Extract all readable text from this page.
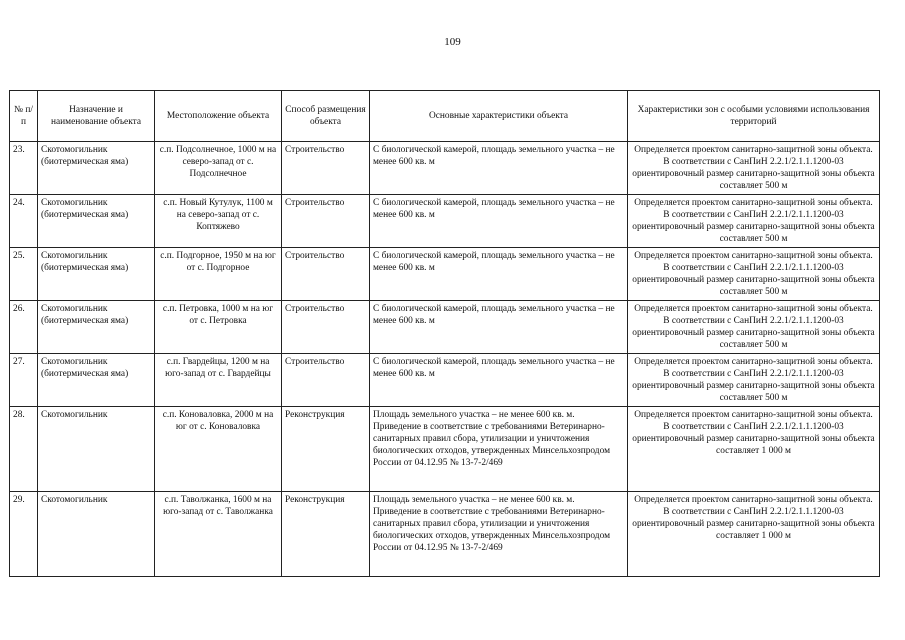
109
№ п/п	Назначение и наименование объекта	Местоположение объекта	Способ размещения объекта	Основные характеристики объекта	Характеристики зон с особыми условиями использования территорий
23.	Скотомогильник (биотермическая яма)	с.п. Подсолнечное, 1000 м на северо-запад от с. Подсолнечное	Строительство	С биологической камерой, площадь земельного участка – не менее 600 кв. м	Определяется проектом санитарно-защитной зоны объекта. В соответствии с СанПиН 2.2.1/2.1.1.1200-03 ориентировочный размер санитарно-защитной зоны объекта составляет 500 м
24.	Скотомогильник (биотермическая яма)	с.п. Новый Кутулук, 1100 м на северо-запад от с. Коптяжево	Строительство	С биологической камерой, площадь земельного участка – не менее 600 кв. м	Определяется проектом санитарно-защитной зоны объекта. В соответствии с СанПиН 2.2.1/2.1.1.1200-03 ориентировочный размер санитарно-защитной зоны объекта составляет 500 м
25.	Скотомогильник (биотермическая яма)	с.п. Подгорное, 1950 м на юг от с. Подгорное	Строительство	С биологической камерой, площадь земельного участка – не менее 600 кв. м	Определяется проектом санитарно-защитной зоны объекта. В соответствии с СанПиН 2.2.1/2.1.1.1200-03 ориентировочный размер санитарно-защитной зоны объекта составляет 500 м
26.	Скотомогильник (биотермическая яма)	с.п. Петровка, 1000 м на юг от с. Петровка	Строительство	С биологической камерой, площадь земельного участка – не менее 600 кв. м	Определяется проектом санитарно-защитной зоны объекта. В соответствии с СанПиН 2.2.1/2.1.1.1200-03 ориентировочный размер санитарно-защитной зоны объекта составляет 500 м
27.	Скотомогильник (биотермическая яма)	с.п. Гвардейцы, 1200 м на юго-запад от с. Гвардейцы	Строительство	С биологической камерой, площадь земельного участка – не менее 600 кв. м	Определяется проектом санитарно-защитной зоны объекта. В соответствии с СанПиН 2.2.1/2.1.1.1200-03 ориентировочный размер санитарно-защитной зоны объекта составляет 500 м
28.	Скотомогильник	с.п. Коноваловка, 2000 м на юг от с. Коноваловка	Реконструкция	Площадь земельного участка – не менее 600 кв. м. Приведение в соответствие с требованиями Ветеринарно-санитарных правил сбора, утилизации и уничтожения биологических отходов, утвержденных Минсельхозпродом России от 04.12.95 № 13-7-2/469	Определяется проектом санитарно-защитной зоны объекта. В соответствии с СанПиН 2.2.1/2.1.1.1200-03 ориентировочный размер санитарно-защитной зоны объекта составляет 1 000 м
29.	Скотомогильник	с.п. Таволжанка, 1600 м на юго-запад от с. Таволжанка	Реконструкция	Площадь земельного участка – не менее 600 кв. м. Приведение в соответствие с требованиями Ветеринарно-санитарных правил сбора, утилизации и уничтожения биологических отходов, утвержденных Минсельхозпродом России от 04.12.95 № 13-7-2/469	Определяется проектом санитарно-защитной зоны объекта. В соответствии с СанПиН 2.2.1/2.1.1.1200-03 ориентировочный размер санитарно-защитной зоны объекта составляет 1 000 м
